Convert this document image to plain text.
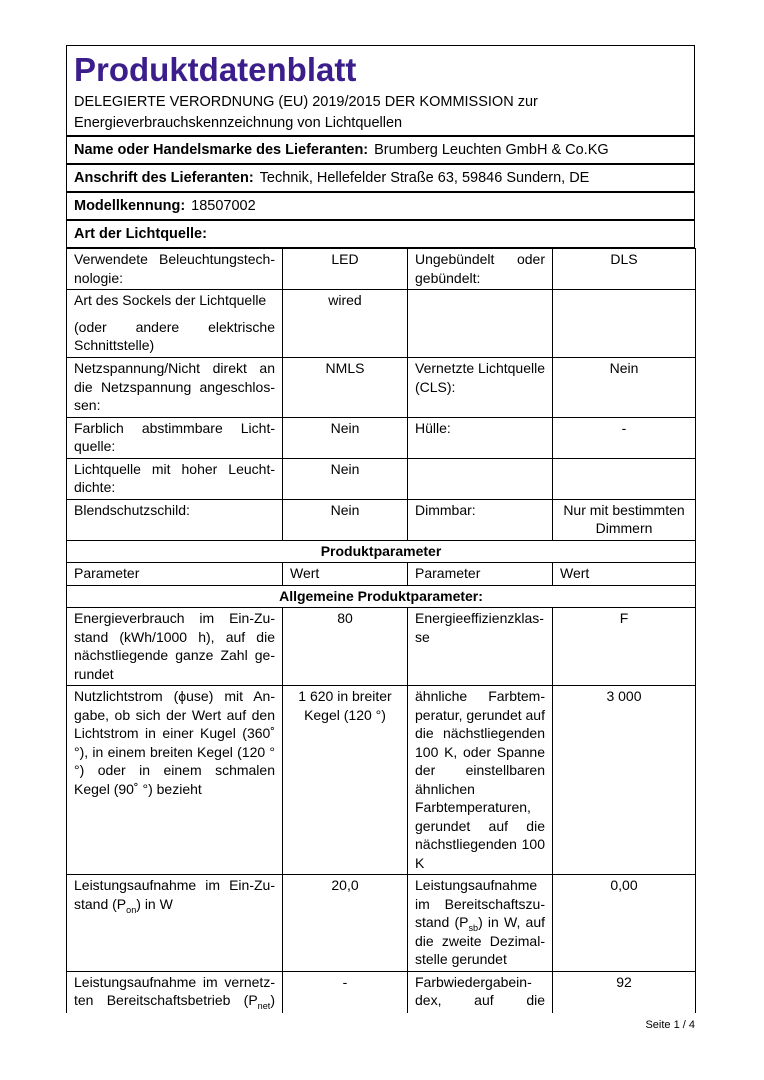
Produktdatenblatt
DELEGIERTE VERORDNUNG (EU) 2019/2015 DER KOMMISSION zur Energieverbrauchskennzeichnung von Lichtquellen
Name oder Handelsmarke des Lieferanten: Brumberg Leuchten GmbH & Co.KG
Anschrift des Lieferanten: Technik, Hellefelder Straße 63, 59846 Sundern, DE
Modellkennung: 18507002
Art der Lichtquelle:
Verwendete Beleuchtungstechnologie:	LED	Ungebündelt oder gebündelt:	DLS

Art des Sockels der Lichtquelle
(oder andere elektrische Schnittstelle)	wired		
Netzspannung/Nicht direkt an die Netzspannung angeschlossen:	NMLS	Vernetzte Lichtquelle (CLS):	Nein
Farblich abstimmbare Lichtquelle:	Nein	Hülle:	-
Lichtquelle mit hoher Leuchtdichte:	Nein		
Blendschutzschild:	Nein	Dimmbar:	Nur mit bestimmten Dimmern
Produktparameter			
Parameter	Wert	Parameter	Wert
Allgemeine Produktparameter:			
Energieverbrauch im Ein-Zustand (kWh/1000 h), auf die nächstliegende ganze Zahl gerundet	80	Energieeffizienzklasse	F
Nutzlichtstrom (ϕuse) mit Angabe, ob sich der Wert auf den Lichtstrom in einer Kugel (360˚ °), in einem breiten Kegel (120 °°) oder in einem schmalen Kegel (90˚ °) bezieht	1 620 in breiter Kegel (120 °)	ähnliche Farbtemperatur, gerundet auf die nächstliegenden 100 K, oder Spanne der einstellbaren ähnlichen Farbtemperaturen, gerundet auf die nächstliegenden 100 K	3 000
Leistungsaufnahme im Ein-Zustand $(P_{on})$ in W	20,0	Leistungsaufnahme im Bereitschaftszustand $(P_{sb})$ in W, auf die zweite Dezimalstelle gerundet	0,00
Leistungsaufnahme im vernetzten Bereitschaftsbetrieb $(P_{net})$	-	Farbwiedergabeindex, auf die	92
Seite 1 / 4
